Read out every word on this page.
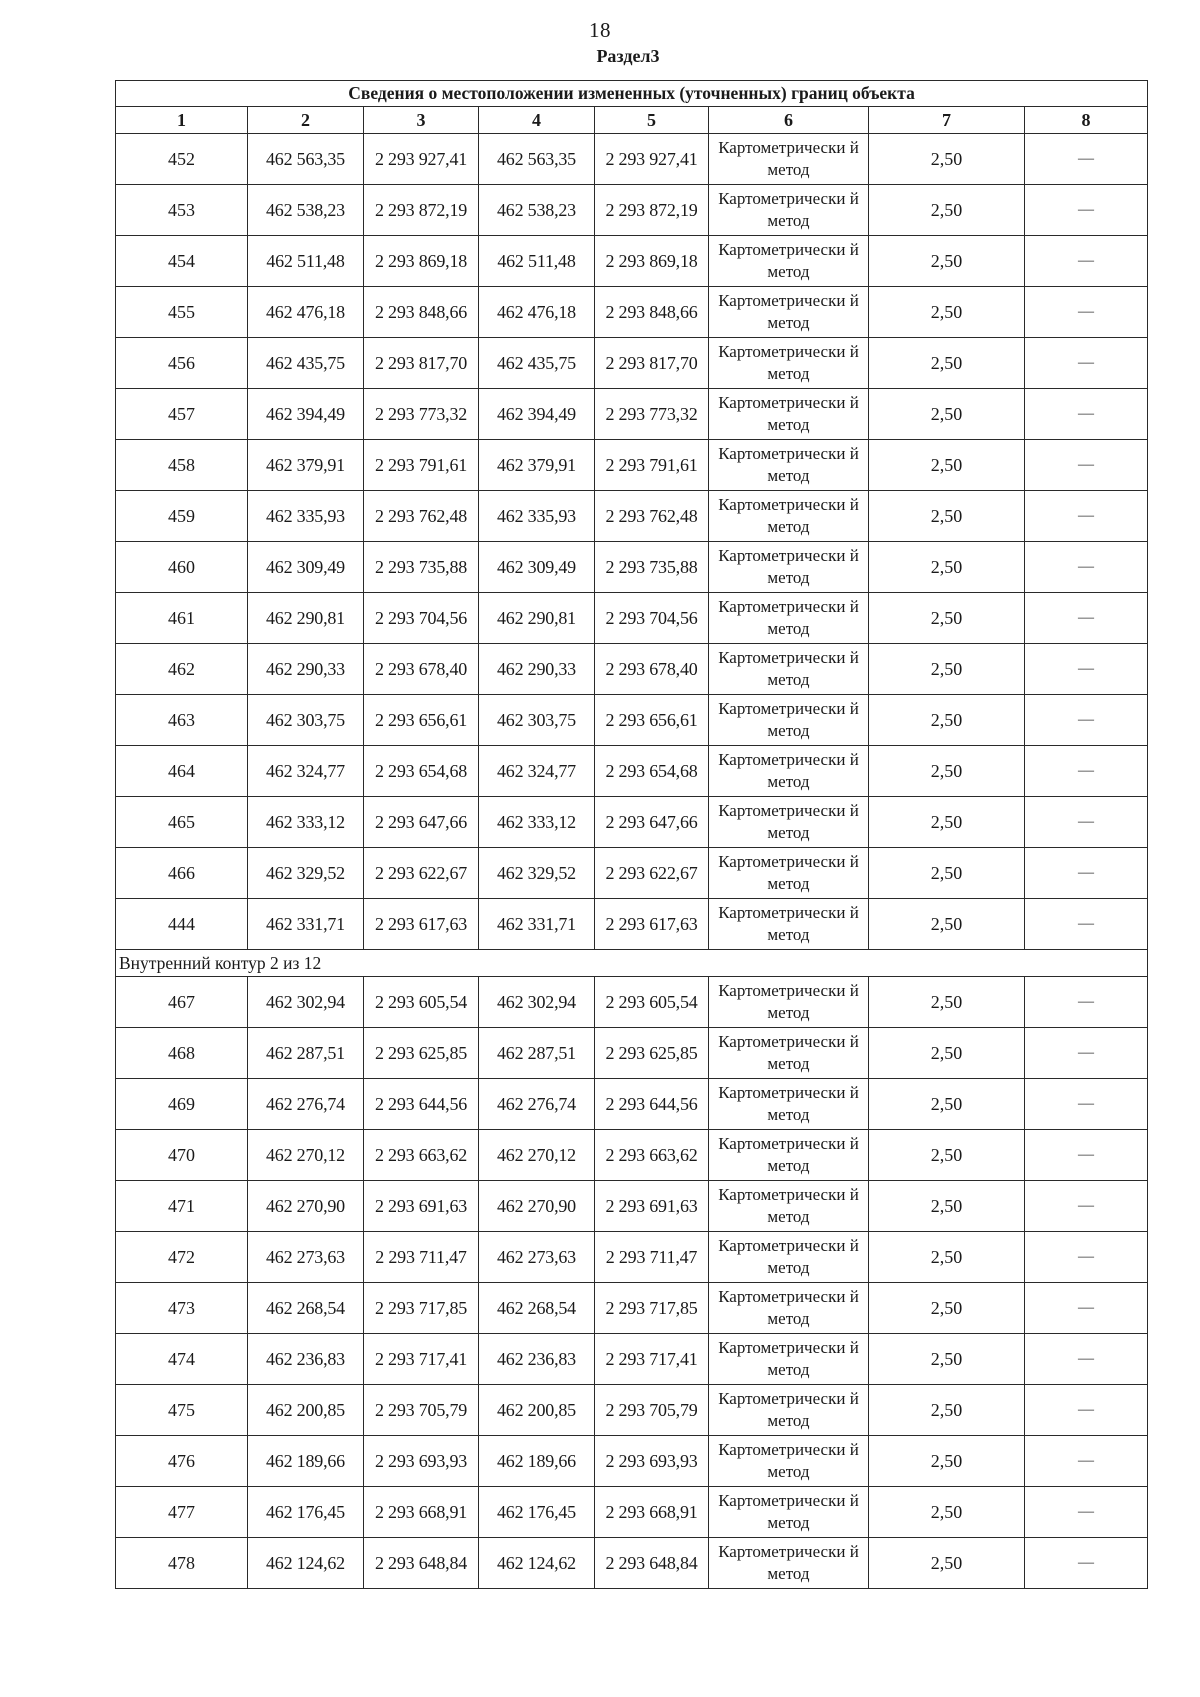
18
Раздел3
Сведения о местоположении измененных (уточненных) границ объекта							
1	2	3	4	5	6	7	8
452	462 563,35	2 293 927,41	462 563,35	2 293 927,41	Картометрически й метод	2,50	—
453	462 538,23	2 293 872,19	462 538,23	2 293 872,19	Картометрически й метод	2,50	—
454	462 511,48	2 293 869,18	462 511,48	2 293 869,18	Картометрически й метод	2,50	—
455	462 476,18	2 293 848,66	462 476,18	2 293 848,66	Картометрически й метод	2,50	—
456	462 435,75	2 293 817,70	462 435,75	2 293 817,70	Картометрически й метод	2,50	—
457	462 394,49	2 293 773,32	462 394,49	2 293 773,32	Картометрически й метод	2,50	—
458	462 379,91	2 293 791,61	462 379,91	2 293 791,61	Картометрически й метод	2,50	—
459	462 335,93	2 293 762,48	462 335,93	2 293 762,48	Картометрически й метод	2,50	—
460	462 309,49	2 293 735,88	462 309,49	2 293 735,88	Картометрически й метод	2,50	—
461	462 290,81	2 293 704,56	462 290,81	2 293 704,56	Картометрически й метод	2,50	—
462	462 290,33	2 293 678,40	462 290,33	2 293 678,40	Картометрически й метод	2,50	—
463	462 303,75	2 293 656,61	462 303,75	2 293 656,61	Картометрически й метод	2,50	—
464	462 324,77	2 293 654,68	462 324,77	2 293 654,68	Картометрически й метод	2,50	—
465	462 333,12	2 293 647,66	462 333,12	2 293 647,66	Картометрически й метод	2,50	—
466	462 329,52	2 293 622,67	462 329,52	2 293 622,67	Картометрически й метод	2,50	—
444	462 331,71	2 293 617,63	462 331,71	2 293 617,63	Картометрически й метод	2,50	—
Внутренний контур 2 из 12							
467	462 302,94	2 293 605,54	462 302,94	2 293 605,54	Картометрически й метод	2,50	—
468	462 287,51	2 293 625,85	462 287,51	2 293 625,85	Картометрически й метод	2,50	—
469	462 276,74	2 293 644,56	462 276,74	2 293 644,56	Картометрически й метод	2,50	—
470	462 270,12	2 293 663,62	462 270,12	2 293 663,62	Картометрически й метод	2,50	—
471	462 270,90	2 293 691,63	462 270,90	2 293 691,63	Картометрически й метод	2,50	—
472	462 273,63	2 293 711,47	462 273,63	2 293 711,47	Картометрически й метод	2,50	—
473	462 268,54	2 293 717,85	462 268,54	2 293 717,85	Картометрически й метод	2,50	—
474	462 236,83	2 293 717,41	462 236,83	2 293 717,41	Картометрически й метод	2,50	—
475	462 200,85	2 293 705,79	462 200,85	2 293 705,79	Картометрически й метод	2,50	—
476	462 189,66	2 293 693,93	462 189,66	2 293 693,93	Картометрически й метод	2,50	—
477	462 176,45	2 293 668,91	462 176,45	2 293 668,91	Картометрически й метод	2,50	—
478	462 124,62	2 293 648,84	462 124,62	2 293 648,84	Картометрически й метод	2,50	—
